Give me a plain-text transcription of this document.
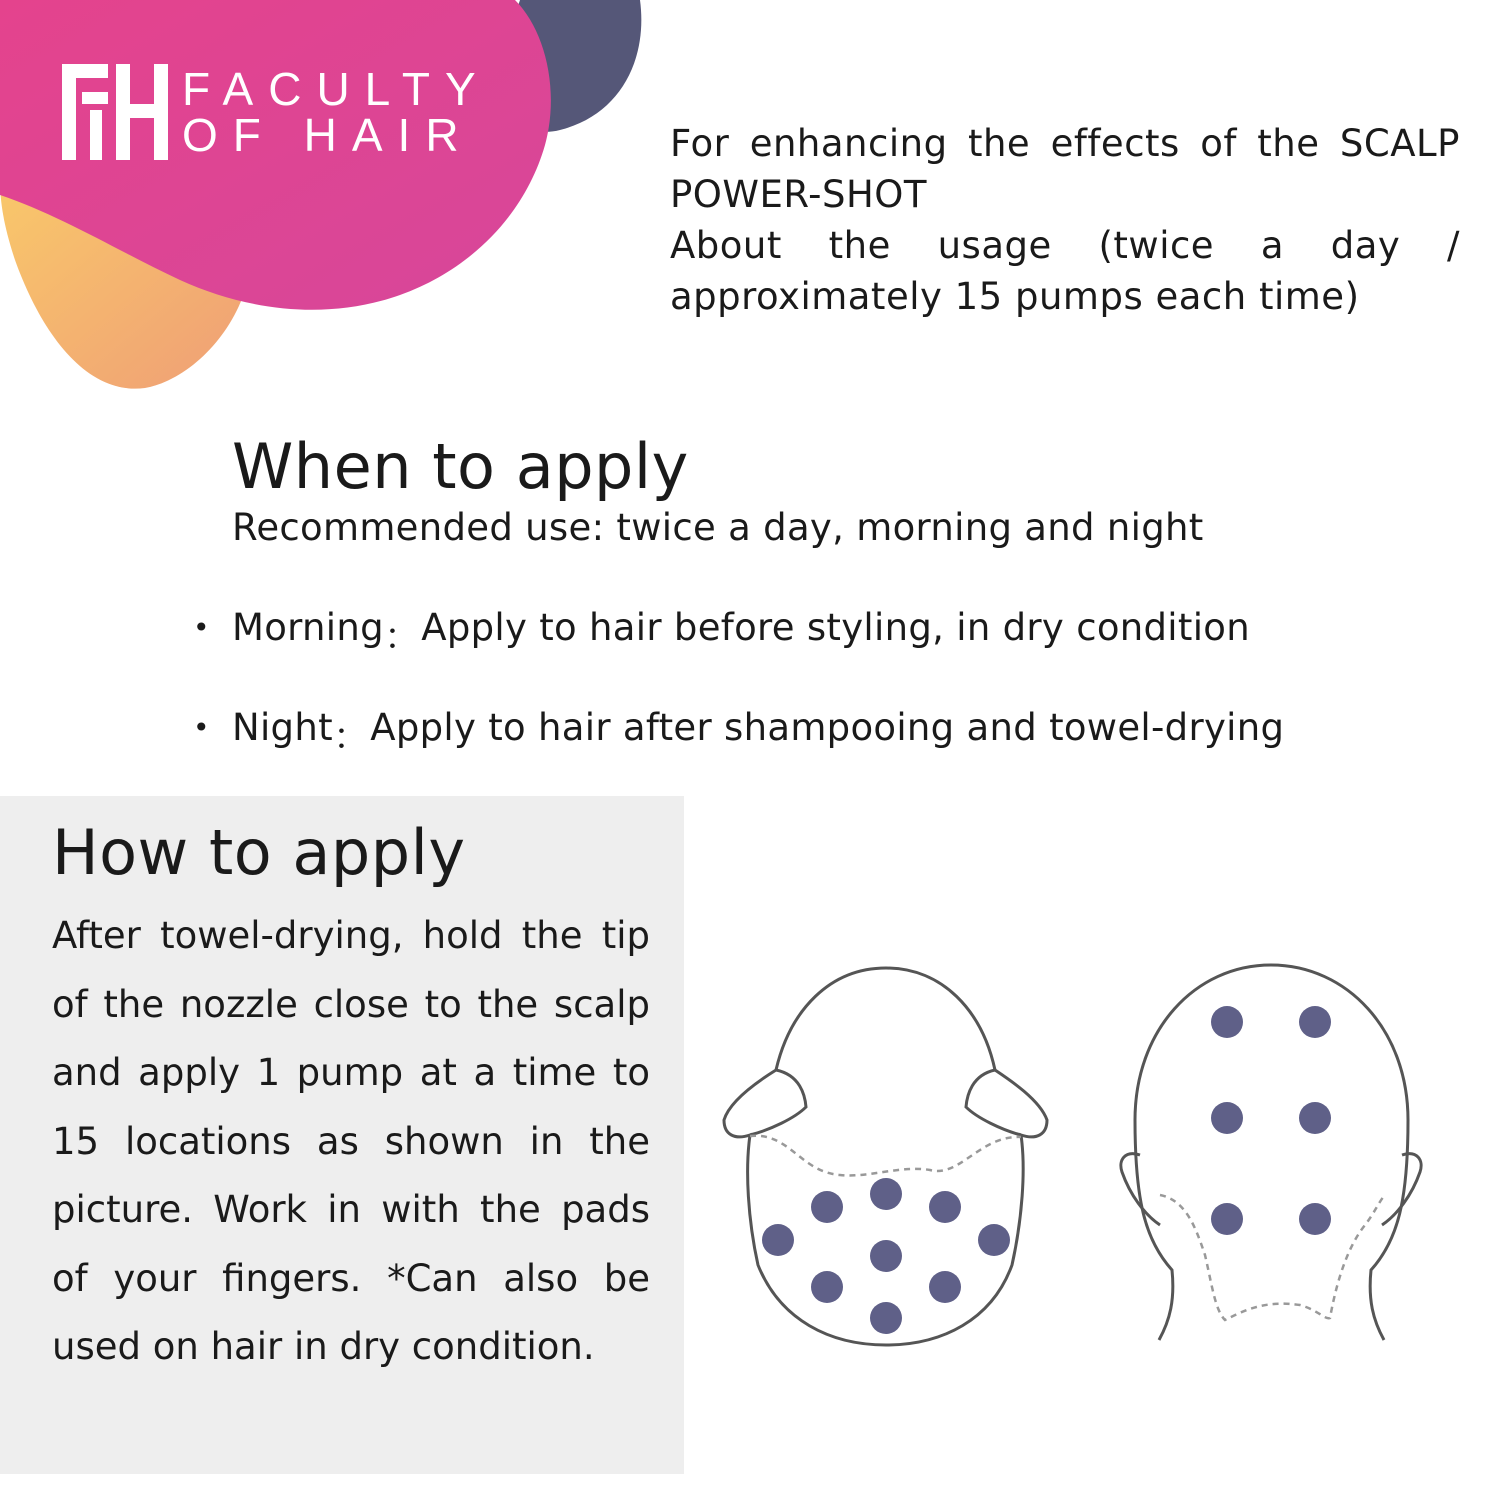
FACULTY
OF HAIR	For enhancing the effects of the SCALP POWER-SHOT

About the usage (twice a day / approximately 15 pumps each time)

When to apply

Recommended use: twice a day, morning and night

• Morning ： Apply to hair before styling, in dry condition
• Night ： Apply to hair after shampooing and towel-drying
How to apply

After towel-drying, hold the tip of the nozzle close to the scalp and apply 1 pump at a time to 15 locations as shown in the picture. Work in with the pads of your fingers. *Can also be used on hair in dry condition.
